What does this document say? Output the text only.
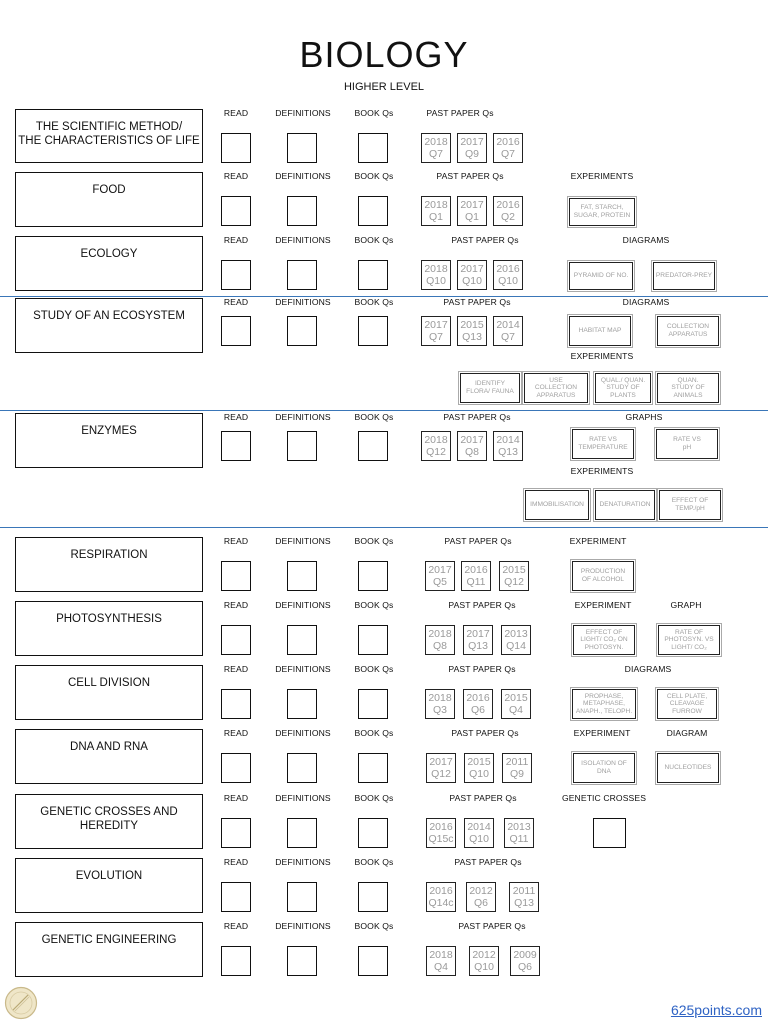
BIOLOGY
HIGHER LEVEL
THE SCIENTIFIC METHOD/
THE CHARACTERISTICS OF LIFE
READ	DEFINITIONS	BOOK Qs	PAST PAPER Qs
2018
Q7
2017
Q9
2016
Q7
FOOD
READ	DEFINITIONS	BOOK Qs	PAST PAPER Qs
2018
Q1
2017
Q1
2016
Q2
EXPERIMENTS
FAT, STARCH,
SUGAR, PROTEIN
ECOLOGY
READ	DEFINITIONS	BOOK Qs	PAST PAPER Qs
2018
Q10
2017
Q10
2016
Q10
DIAGRAMS
PYRAMID OF NO.	PREDATOR-PREY
STUDY OF AN ECOSYSTEM
READ	DEFINITIONS	BOOK Qs	PAST PAPER Qs
2017
Q7
2015
Q13
2014
Q7
DIAGRAMS
EXPERIMENTS
HABITAT MAP
COLLECTION
APPARATUS
IDENTIFY
FLORA/ FAUNA
USE
COLLECTION
APPARATUS
QUAL./ QUAN.
STUDY OF
PLANTS
QUAN.
STUDY OF
ANIMALS
ENZYMES
READ	DEFINITIONS	BOOK Qs	PAST PAPER Qs
2018
Q12
2017
Q8
2014
Q13
GRAPHS
EXPERIMENTS
RATE VS
TEMPERATURE
RATE VS
pH
IMMOBILISATION	DENATURATION
EFFECT OF
TEMP./pH
RESPIRATION
READ	DEFINITIONS	BOOK Qs	PAST PAPER Qs
2017
Q5
2016
Q11
2015
Q12
EXPERIMENT
PRODUCTION
OF ALCOHOL
PHOTOSYNTHESIS
READ	DEFINITIONS	BOOK Qs	PAST PAPER Qs
2018
Q8
2017
Q13
2013
Q14
EXPERIMENT	GRAPH
EFFECT OF
LIGHT/ CO₂ ON
PHOTOSYN.
RATE OF
PHOTOSYN. VS
LIGHT/ CO₂
CELL DIVISION
READ	DEFINITIONS	BOOK Qs	PAST PAPER Qs
2018
Q3
2016
Q6
2015
Q4
DIAGRAMS
PROPHASE,
METAPHASE,
ANAPH., TELOPH.
CELL PLATE,
CLEAVAGE
FURROW
DNA AND RNA
READ	DEFINITIONS	BOOK Qs	PAST PAPER Qs
2017
Q12
2015
Q10
2011
Q9
EXPERIMENT	DIAGRAM
ISOLATION OF
DNA
NUCLEOTIDES
GENETIC CROSSES AND
HEREDITY
READ	DEFINITIONS	BOOK Qs	PAST PAPER Qs
2016
Q15c
2014
Q10
2013
Q11
GENETIC CROSSES
EVOLUTION
READ	DEFINITIONS	BOOK Qs	PAST PAPER Qs
2016
Q14c
2012
Q6
2011
Q13
GENETIC ENGINEERING
READ	DEFINITIONS	BOOK Qs	PAST PAPER Qs
2018
Q4
2012
Q10
2009
Q6
625points.com
